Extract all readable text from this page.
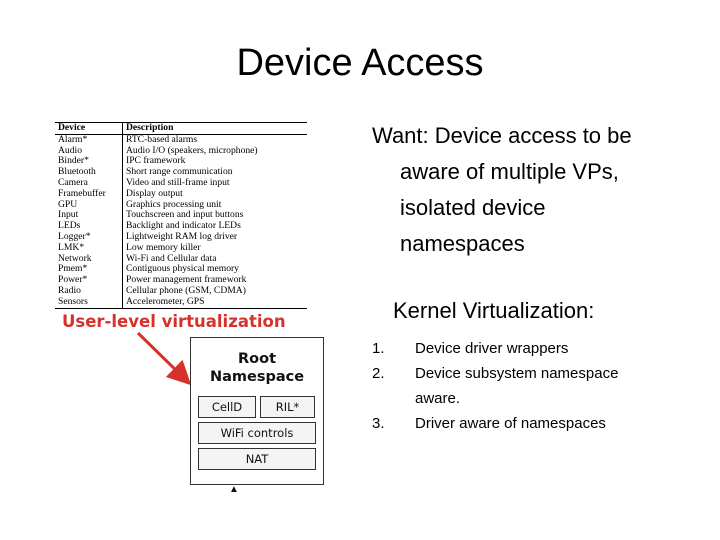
Device Access
Device	Description
Alarm*	RTC-based alarms
Audio	Audio I/O (speakers, microphone)
Binder*	IPC framework
Bluetooth	Short range communication
Camera	Video and still-frame input
Framebuffer	Display output
GPU	Graphics processing unit
Input	Touchscreen and input buttons
LEDs	Backlight and indicator LEDs
Logger*	Lightweight RAM log driver
LMK*	Low memory killer
Network	Wi-Fi and Cellular data
Pmem*	Contiguous physical memory
Power*	Power management framework
Radio	Cellular phone (GSM, CDMA)
Sensors	Accelerometer, GPS
User-level virtualization
Root
Namespace
CellD	RIL*
WiFi controls
NAT
▲
Want: Device access to be
aware of multiple VPs,
isolated device
namespaces
Kernel Virtualization:
1. Device driver wrappers
2. Device subsystem namespace aware.
3. Driver aware of namespaces
